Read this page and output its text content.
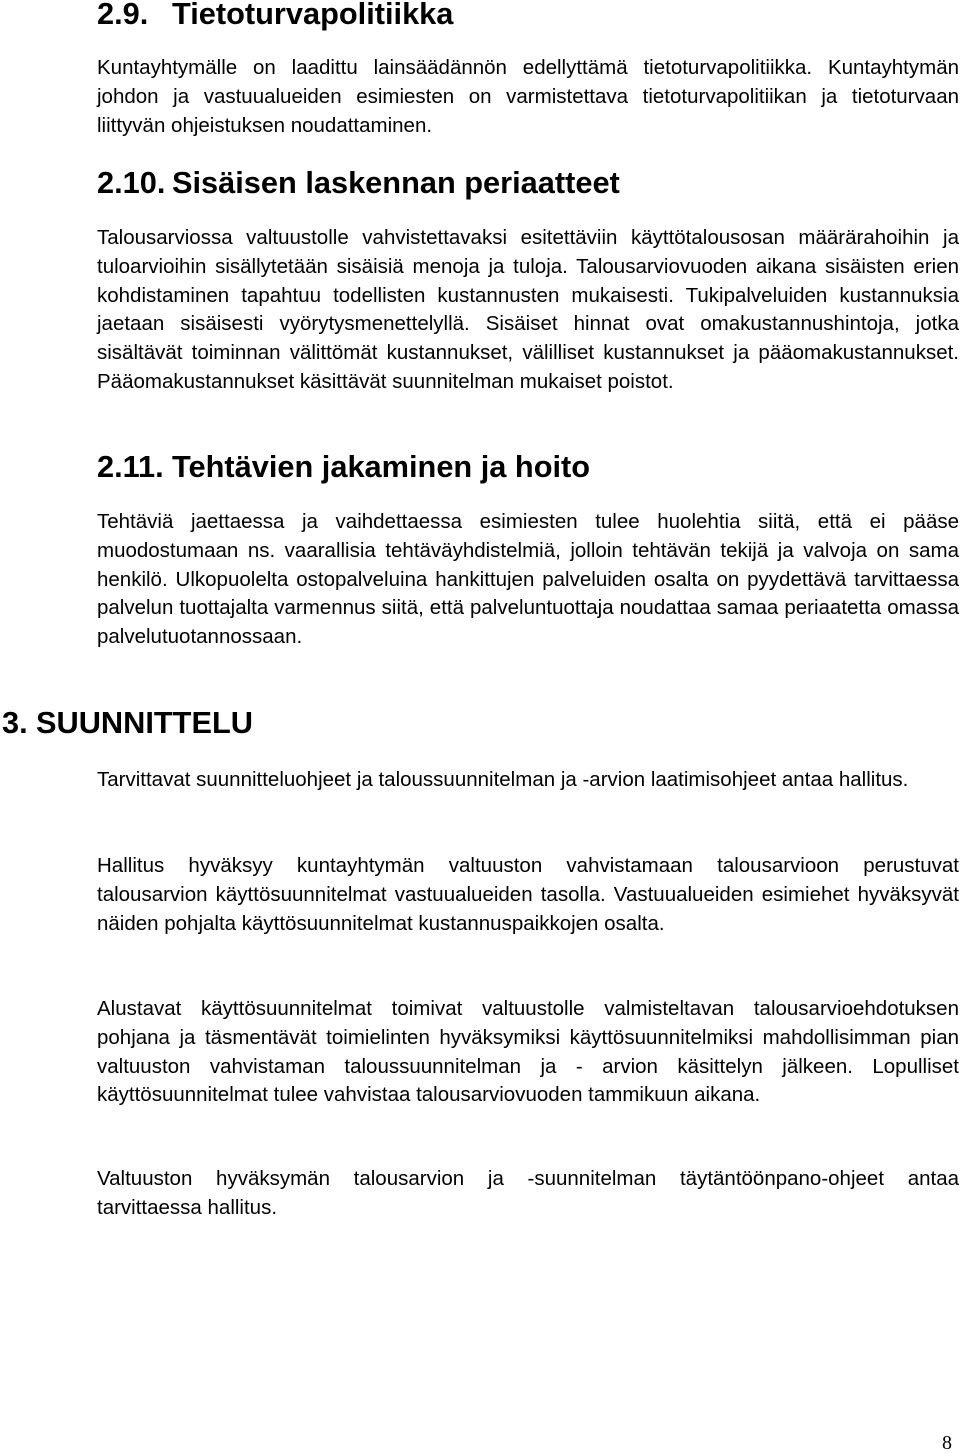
2.9. Tietoturvapolitiikka

Kuntayhtymälle on laadittu lainsäädännön edellyttämä tietoturvapolitiikka. Kuntayhtymän johdon ja vastuualueiden esimiesten on varmistettava tietoturvapolitiikan ja tietoturvaan liittyvän ohjeistuksen noudattaminen.

2.10. Sisäisen laskennan periaatteet

Talousarviossa valtuustolle vahvistettavaksi esitettäviin käyttötalousosan määrärahoihin ja tuloarvioihin sisällytetään sisäisiä menoja ja tuloja. Talousarviovuoden aikana sisäisten erien kohdistaminen tapahtuu todellisten kustannusten mukaisesti. Tukipalveluiden kustannuksia jaetaan sisäisesti vyörytysmenettelyllä. Sisäiset hinnat ovat omakustannushintoja, jotka sisältävät toiminnan välittömät kustannukset, välilliset kustannukset ja pääomakustannukset. Pääomakustannukset käsittävät suunnitelman mukaiset poistot.

2.11. Tehtävien jakaminen ja hoito

Tehtäviä jaettaessa ja vaihdettaessa esimiesten tulee huolehtia siitä, että ei pääse muodostumaan ns. vaarallisia tehtäväyhdistelmiä, jolloin tehtävän tekijä ja valvoja on sama henkilö. Ulkopuolelta ostopalveluina hankittujen palveluiden osalta on pyydettävä tarvittaessa palvelun tuottajalta varmennus siitä, että palveluntuottaja noudattaa samaa periaatetta omassa palvelutuotannossaan.

3. SUUNNITTELU

Tarvittavat suunnitteluohjeet ja taloussuunnitelman ja -arvion laatimisohjeet antaa hallitus.

Hallitus hyväksyy kuntayhtymän valtuuston vahvistamaan talousarvioon perustuvat talousarvion käyttösuunnitelmat vastuualueiden tasolla. Vastuualueiden esimiehet hyväksyvät näiden pohjalta käyttösuunnitelmat kustannuspaikkojen osalta.

Alustavat käyttösuunnitelmat toimivat valtuustolle valmisteltavan talousarvioehdotuksen pohjana ja täsmentävät toimielinten hyväksymiksi käyttösuunnitelmiksi mahdollisimman pian valtuuston vahvistaman taloussuunnitelman ja - arvion käsittelyn jälkeen. Lopulliset käyttösuunnitelmat tulee vahvistaa talousarviovuoden tammikuun aikana.

Valtuuston hyväksymän talousarvion ja -suunnitelman täytäntöönpano-ohjeet antaa tarvittaessa hallitus.

8
